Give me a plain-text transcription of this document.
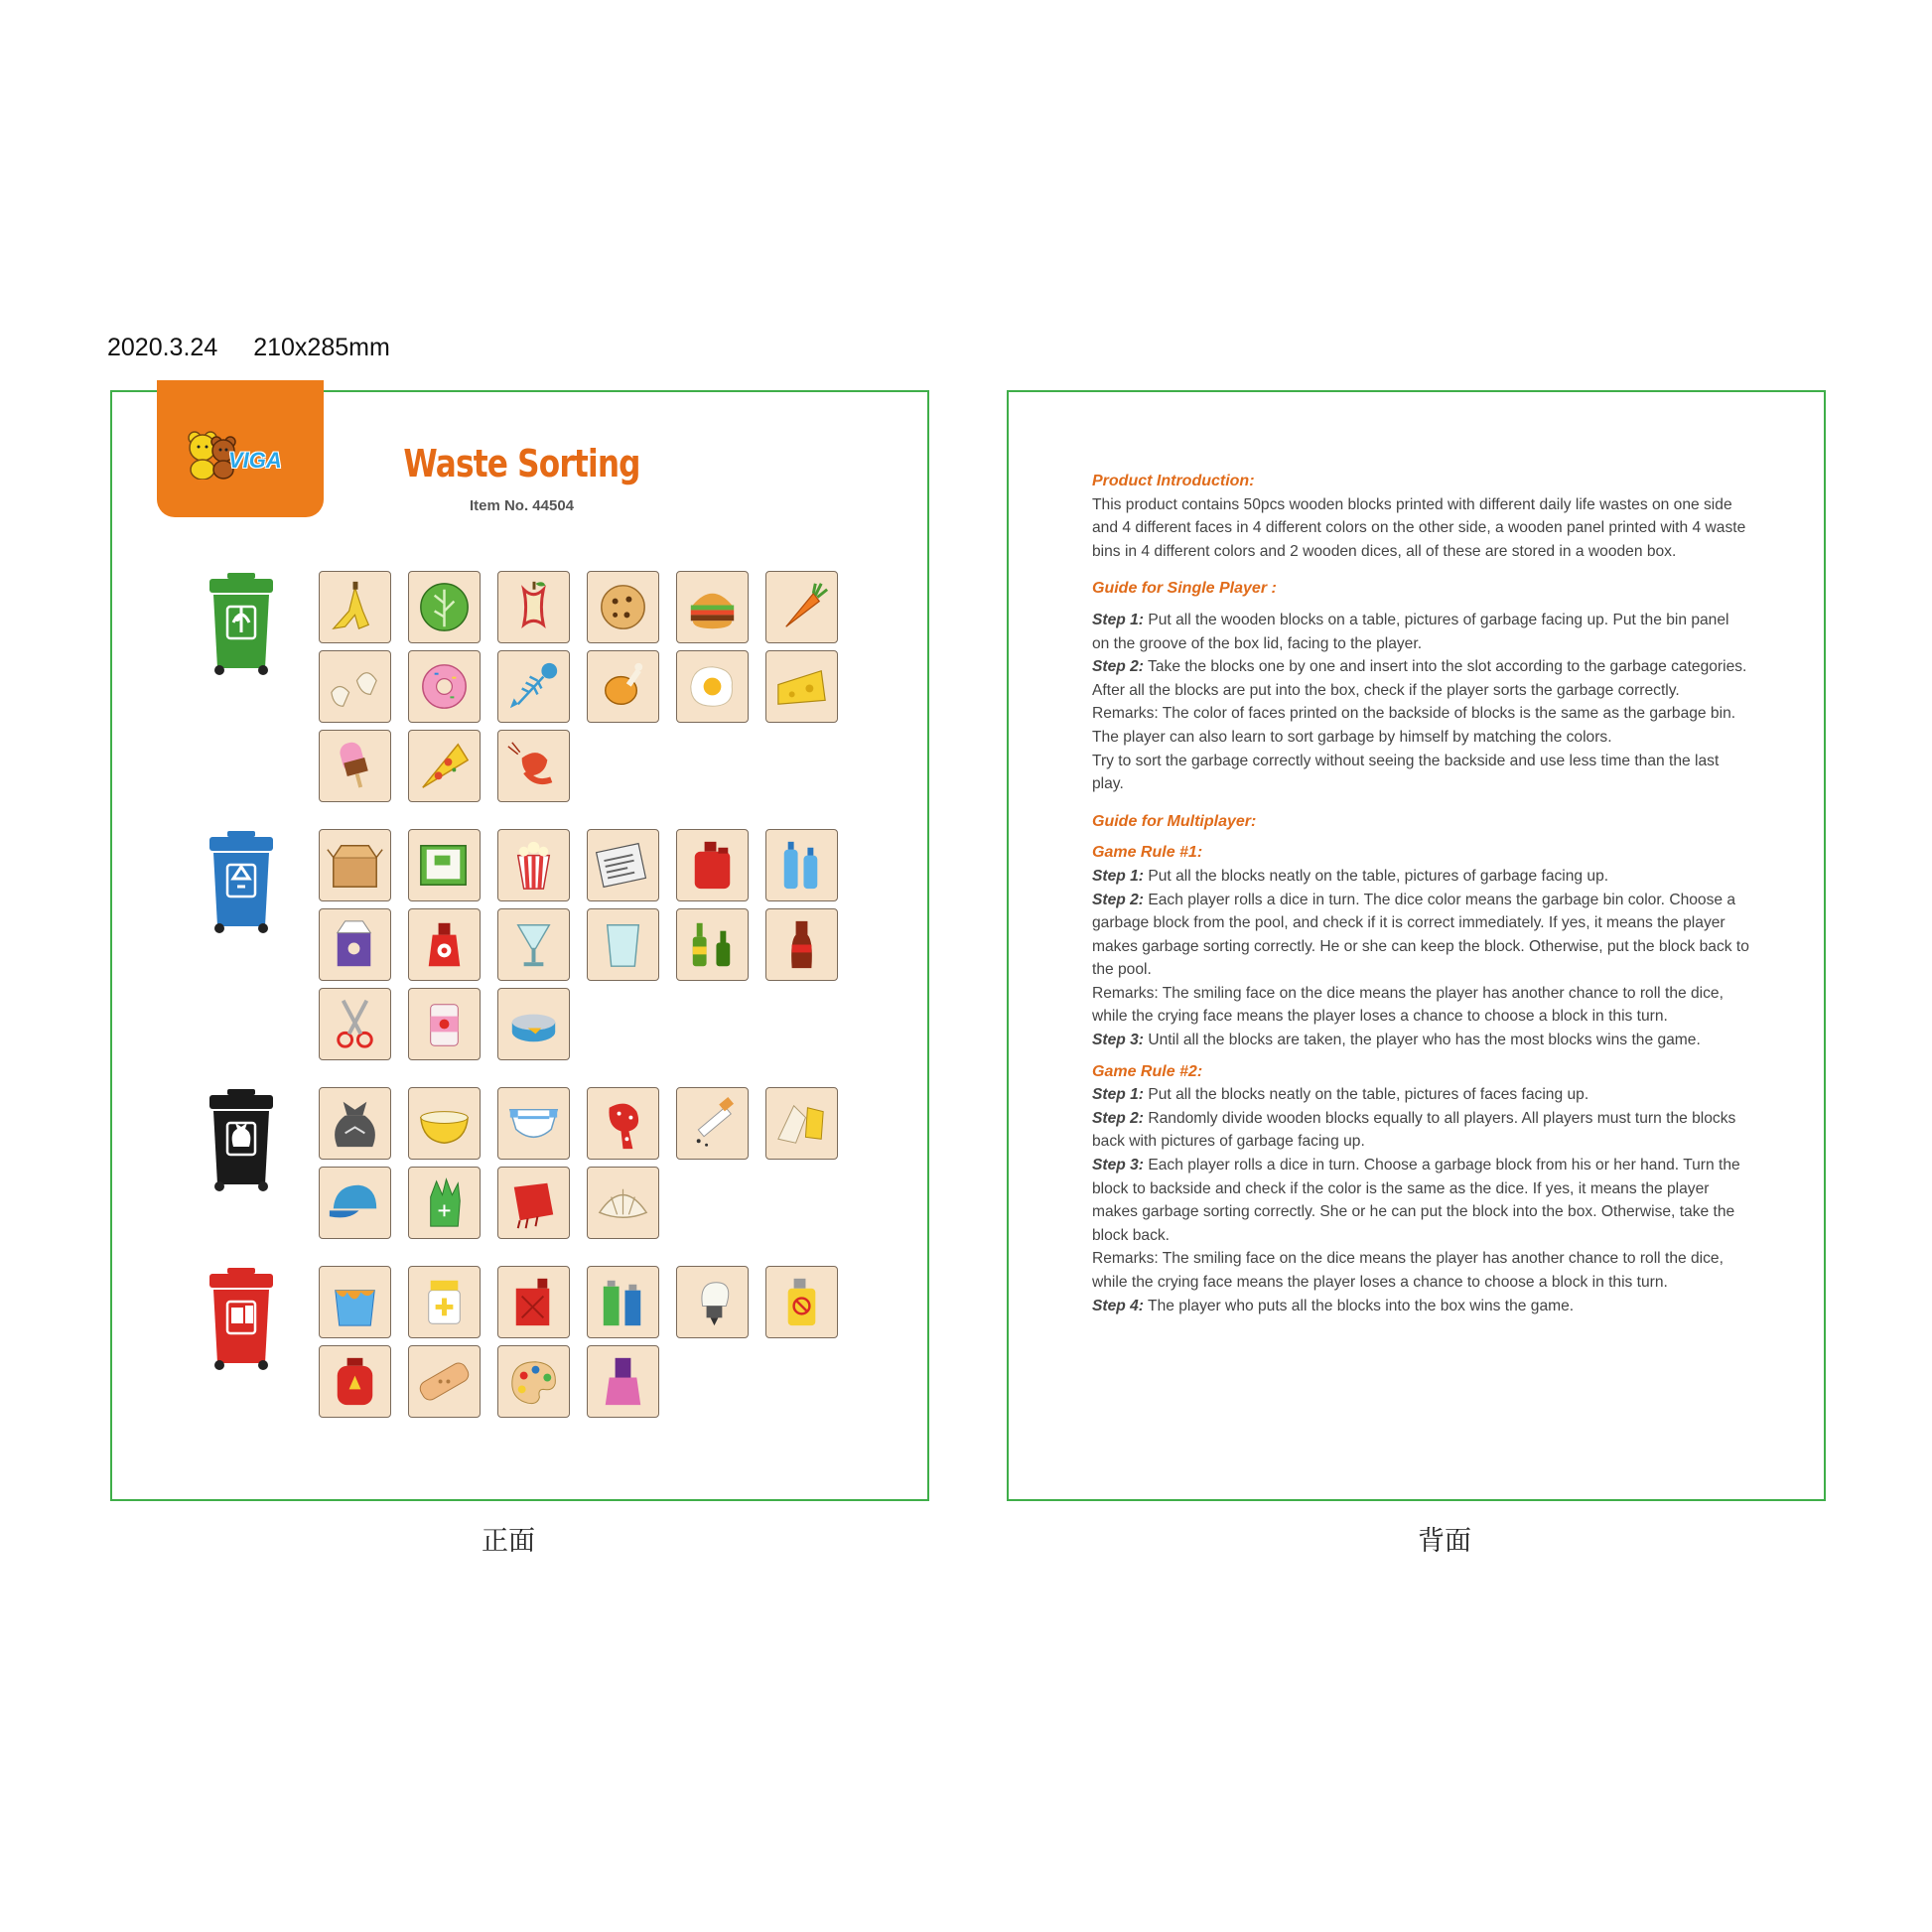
2020.3.24 210x285mm
VIGA	Waste Sorting
Item No. 44504
正面

Product Introduction:

This product contains 50pcs wooden blocks printed with different daily life wastes on one side and 4 different faces in 4 different colors on the other side, a wooden panel printed with 4 waste bins in 4 different colors and 2 wooden dices, all of these are stored in a wooden box.

Guide for Single Player :

Step 1: Put all the wooden blocks on a table, pictures of garbage facing up. Put the bin panel on the groove of the box lid, facing to the player.

Step 2: Take the blocks one by one and insert into the slot according to the garbage categories. After all the blocks are put into the box, check if the player sorts the garbage correctly.

Remarks: The color of faces printed on the backside of blocks is the same as the garbage bin. The player can also learn to sort garbage by himself by matching the colors.

Try to sort the garbage correctly without seeing the backside and use less time than the last play.

Guide for Multiplayer:

Game Rule #1:

Step 1: Put all the blocks neatly on the table, pictures of garbage facing up.

Step 2: Each player rolls a dice in turn. The dice color means the garbage bin color. Choose a garbage block from the pool, and check if it is correct immediately. If yes, it means the player makes garbage sorting correctly. He or she can keep the block. Otherwise, put the block back to the pool.

Remarks: The smiling face on the dice means the player has another chance to roll the dice, while the crying face means the player loses a chance to choose a block in this turn.

Step 3: Until all the blocks are taken, the player who has the most blocks wins the game.

Game Rule #2:

Step 1: Put all the blocks neatly on the table, pictures of faces facing up.

Step 2: Randomly divide wooden blocks equally to all players. All players must turn the blocks back with pictures of garbage facing up.

Step 3: Each player rolls a dice in turn. Choose a garbage block from his or her hand. Turn the block to backside and check if the color is the same as the dice. If yes, it means the player makes garbage sorting correctly. She or he can put the block into the box. Otherwise, take the block back.

Remarks: The smiling face on the dice means the player has another chance to roll the dice, while the crying face means the player loses a chance to choose a block in this turn.

Step 4: The player who puts all the blocks into the box wins the game.

背面
